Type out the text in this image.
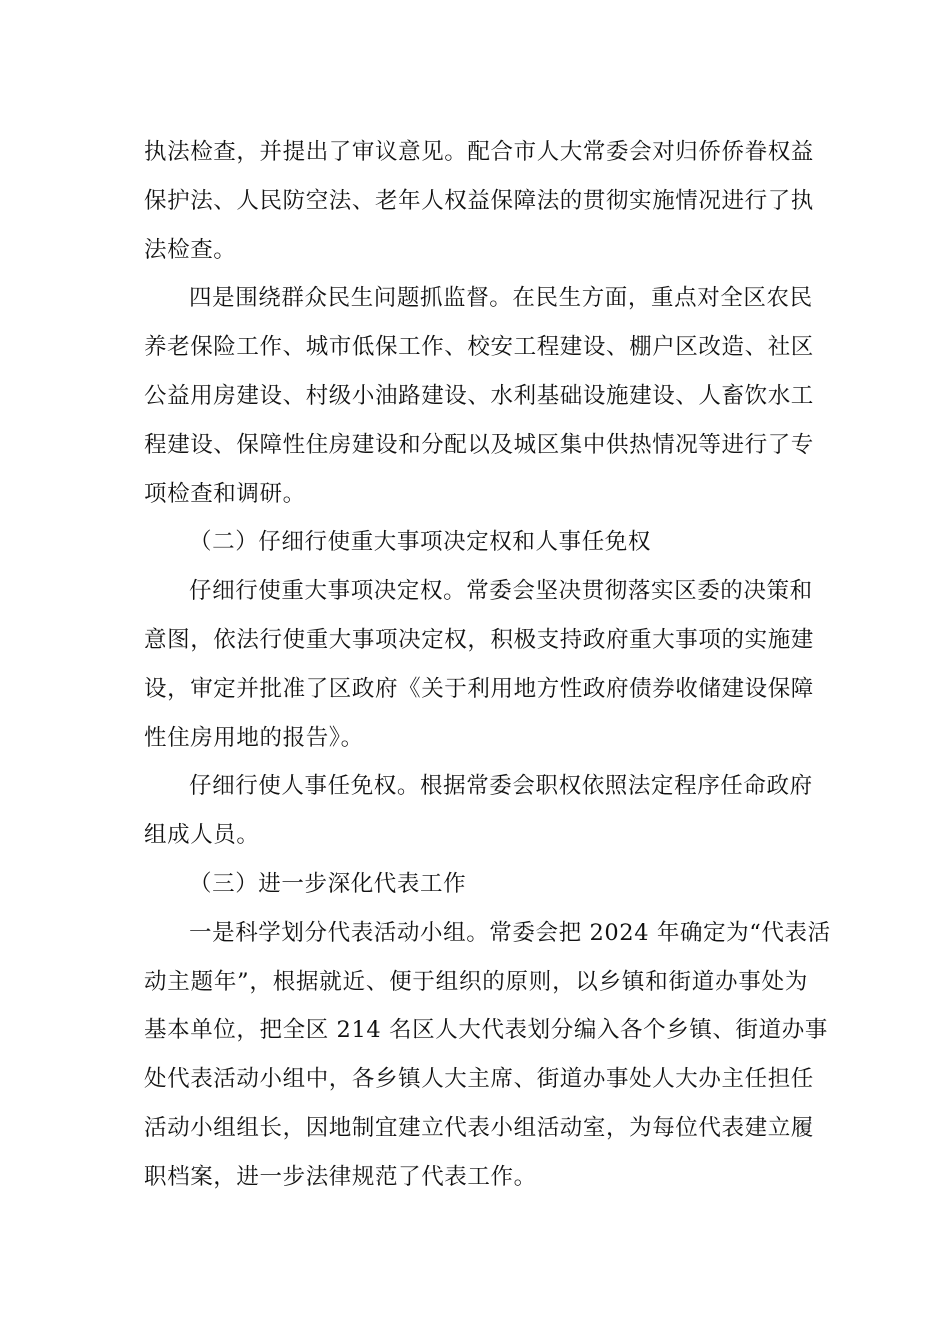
执法检查，并提出了审议意见。配合市人大常委会对归侨侨眷权益
保护法、人民防空法、老年人权益保障法的贯彻实施情况进行了执
法检查。

四是围绕群众民生问题抓监督。在民生方面，重点对全区农民
养老保险工作、城市低保工作、校安工程建设、棚户区改造、社区
公益用房建设、村级小油路建设、水利基础设施建设、人畜饮水工
程建设、保障性住房建设和分配以及城区集中供热情况等进行了专
项检查和调研。

（二）仔细行使重大事项决定权和人事任免权

仔细行使重大事项决定权。常委会坚决贯彻落实区委的决策和
意图，依法行使重大事项决定权，积极支持政府重大事项的实施建
设，审定并批准了区政府《关于利用地方性政府债券收储建设保障
性住房用地的报告》。

仔细行使人事任免权。根据常委会职权依照法定程序任命政府
组成人员。

（三）进一步深化代表工作

一是科学划分代表活动小组。常委会把 2024 年确定为“代表活
动主题年”，根据就近、便于组织的原则，以乡镇和街道办事处为
基本单位，把全区 214 名区人大代表划分编入各个乡镇、街道办事
处代表活动小组中，各乡镇人大主席、街道办事处人大办主任担任
活动小组组长，因地制宜建立代表小组活动室，为每位代表建立履
职档案，进一步法律规范了代表工作。
